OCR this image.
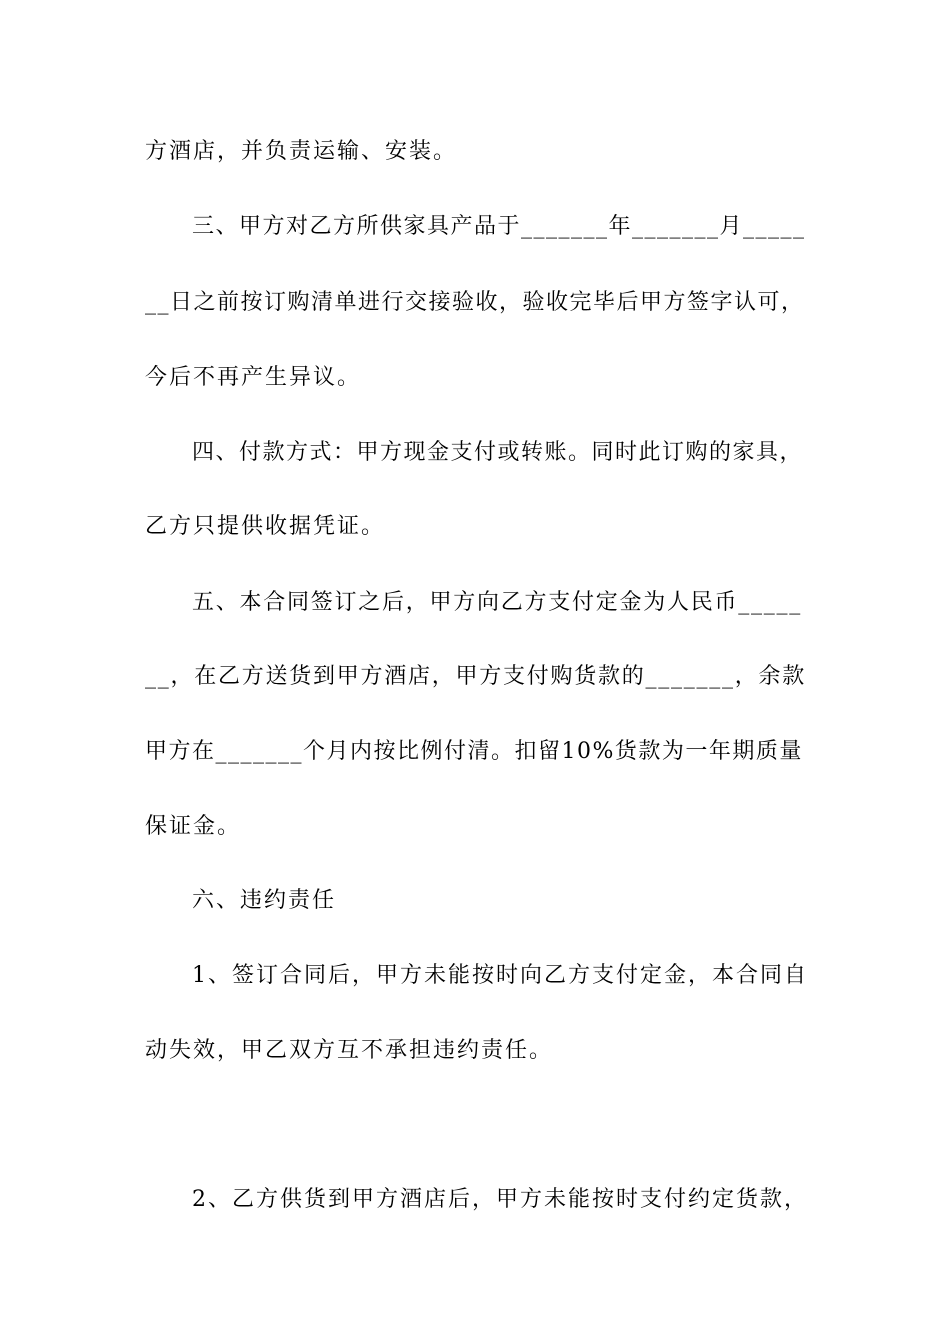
方酒店，并负责运输、安装。
三、甲方对乙方所供家具产品于_______年_______月_____
__日之前按订购清单进行交接验收，验收完毕后甲方签字认可，
今后不再产生异议。
四、付款方式：甲方现金支付或转账。同时此订购的家具，
乙方只提供收据凭证。
五、本合同签订之后，甲方向乙方支付定金为人民币_____
__，在乙方送货到甲方酒店，甲方支付购货款的_______，余款
甲方在_______个月内按比例付清。扣留10%货款为一年期质量
保证金。
六、违约责任
1、签订合同后，甲方未能按时向乙方支付定金，本合同自
动失效，甲乙双方互不承担违约责任。
2、乙方供货到甲方酒店后，甲方未能按时支付约定货款，
